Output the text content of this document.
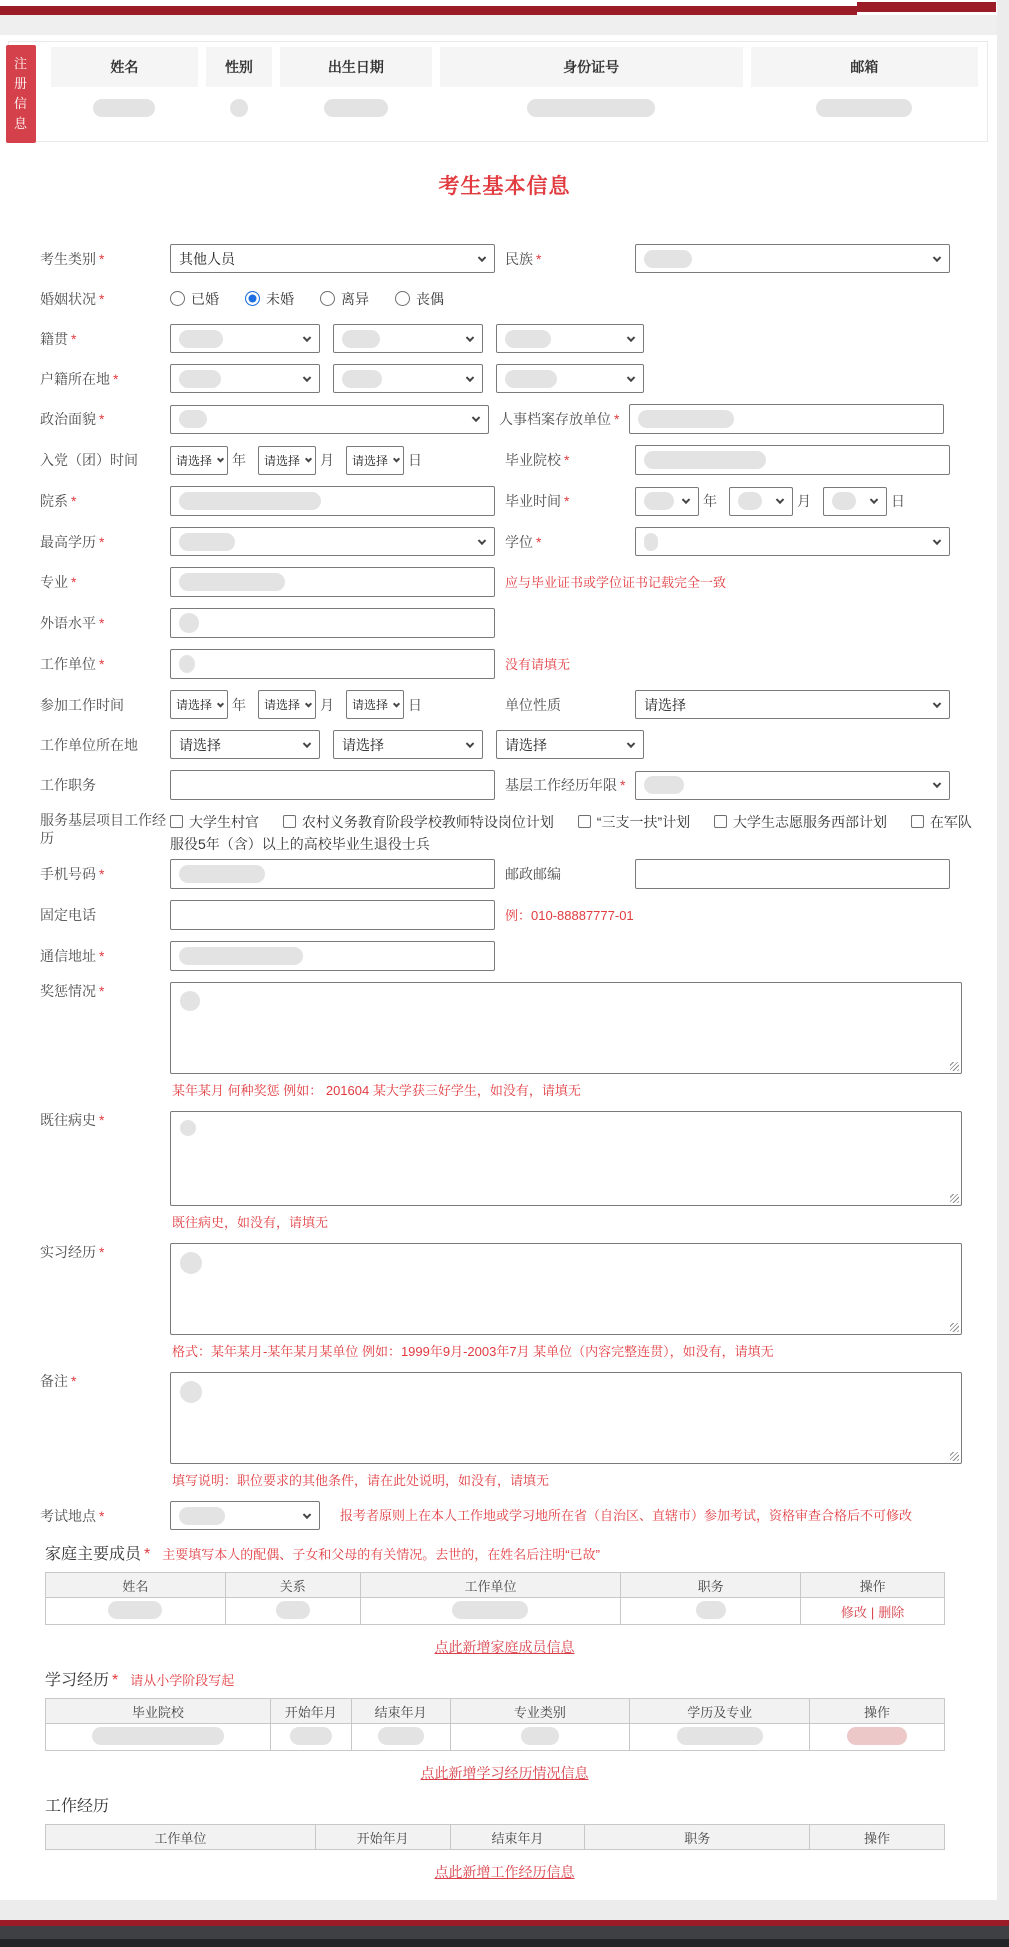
注册信息
姓名	性别	出生日期	身份证号	邮箱

考生基本信息
考生类别 *	其他人员	民族 *
婚姻状况 *	已婚	未婚	离异	丧偶
籍贯 *
户籍所在地 *
政治面貌 *	人事档案存放单位 *
入党（团）时间	请选择 年 请选择 月 请选择 日	毕业院校 *
院系 *	毕业时间 *	年	月	日
最高学历 *	学位 *
专业 *	应与毕业证书或学位证书记载完全一致
外语水平 *
工作单位 *	没有请填无
参加工作时间	请选择 年 请选择 月 请选择 日	单位性质	请选择
工作单位所在地	请选择	请选择	请选择
工作职务	基层工作经历年限 *
服务基层项目工作经历
大学生村官	农村义务教育阶段学校教师特设岗位计划	“三支一扶”计划	大学生志愿服务西部计划	在军队服役5年（含）以上的高校毕业生退役士兵
手机号码 *	邮政邮编
固定电话	例：010-88887777-01
通信地址 *
奖惩情况 *
某年某月 何种奖惩 例如： 201604 某大学获三好学生，如没有，请填无
既往病史 *
既往病史，如没有，请填无
实习经历 *
格式：某年某月-某年某月某单位 例如：1999年9月-2003年7月 某单位（内容完整连贯），如没有，请填无
备注 *
填写说明：职位要求的其他条件，请在此处说明，如没有，请填无
考试地点 *	报考者原则上在本人工作地或学习地所在省（自治区、直辖市）参加考试，资格审查合格后不可修改
家庭主要成员 * 主要填写本人的配偶、子女和父母的有关情况。去世的，在姓名后注明“已故”
姓名	关系	工作单位	职务	操作
				修改 | 删除
点此新增家庭成员信息
学习经历 * 请从小学阶段写起
毕业院校	开始年月	结束年月	专业类别	学历及专业	操作

点此新增学习经历情况信息
工作经历
工作单位	开始年月	结束年月	职务	操作
点此新增工作经历信息
